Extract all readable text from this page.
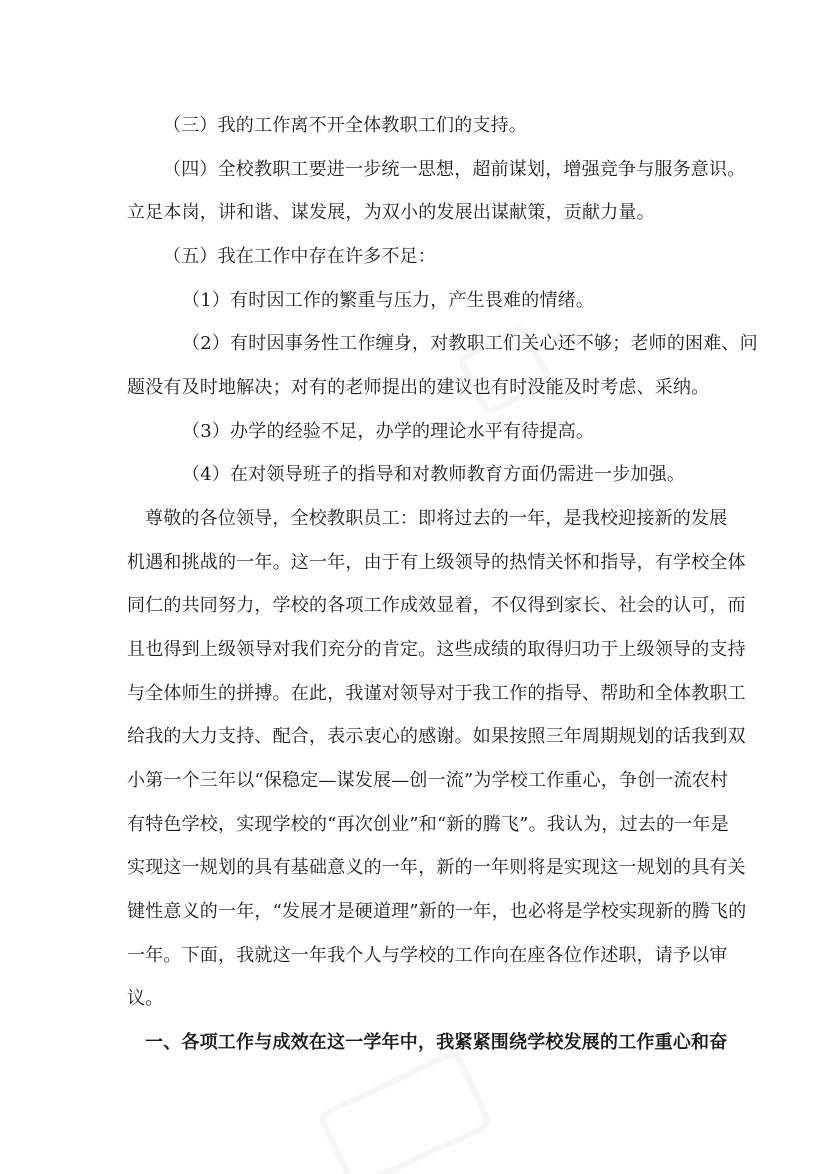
（三）我的工作离不开全体教职工们的支持。
（四）全校教职工要进一步统一思想，超前谋划，增强竞争与服务意识。
立足本岗，讲和谐、谋发展，为双小的发展出谋献策，贡献力量。
（五）我在工作中存在许多不足：
（1）有时因工作的繁重与压力，产生畏难的情绪。
（2）有时因事务性工作缠身，对教职工们关心还不够；老师的困难、问
题没有及时地解决；对有的老师提出的建议也有时没能及时考虑、采纳。
（3）办学的经验不足，办学的理论水平有待提高。
（4）在对领导班子的指导和对教师教育方面仍需进一步加强。
尊敬的各位领导，全校教职员工：即将过去的一年，是我校迎接新的发展
机遇和挑战的一年。这一年，由于有上级领导的热情关怀和指导，有学校全体
同仁的共同努力，学校的各项工作成效显着，不仅得到家长、社会的认可，而
且也得到上级领导对我们充分的肯定。这些成绩的取得归功于上级领导的支持
与全体师生的拼搏。在此，我谨对领导对于我工作的指导、帮助和全体教职工
给我的大力支持、配合，表示衷心的感谢。如果按照三年周期规划的话我到双
小第一个三年以“保稳定—谋发展—创一流”为学校工作重心，争创一流农村
有特色学校，实现学校的“再次创业”和“新的腾飞”。我认为，过去的一年是
实现这一规划的具有基础意义的一年，新的一年则将是实现这一规划的具有关
键性意义的一年，“发展才是硬道理”新的一年，也必将是学校实现新的腾飞的
一年。下面，我就这一年我个人与学校的工作向在座各位作述职，请予以审
议。
一、各项工作与成效在这一学年中，我紧紧围绕学校发展的工作重心和奋
